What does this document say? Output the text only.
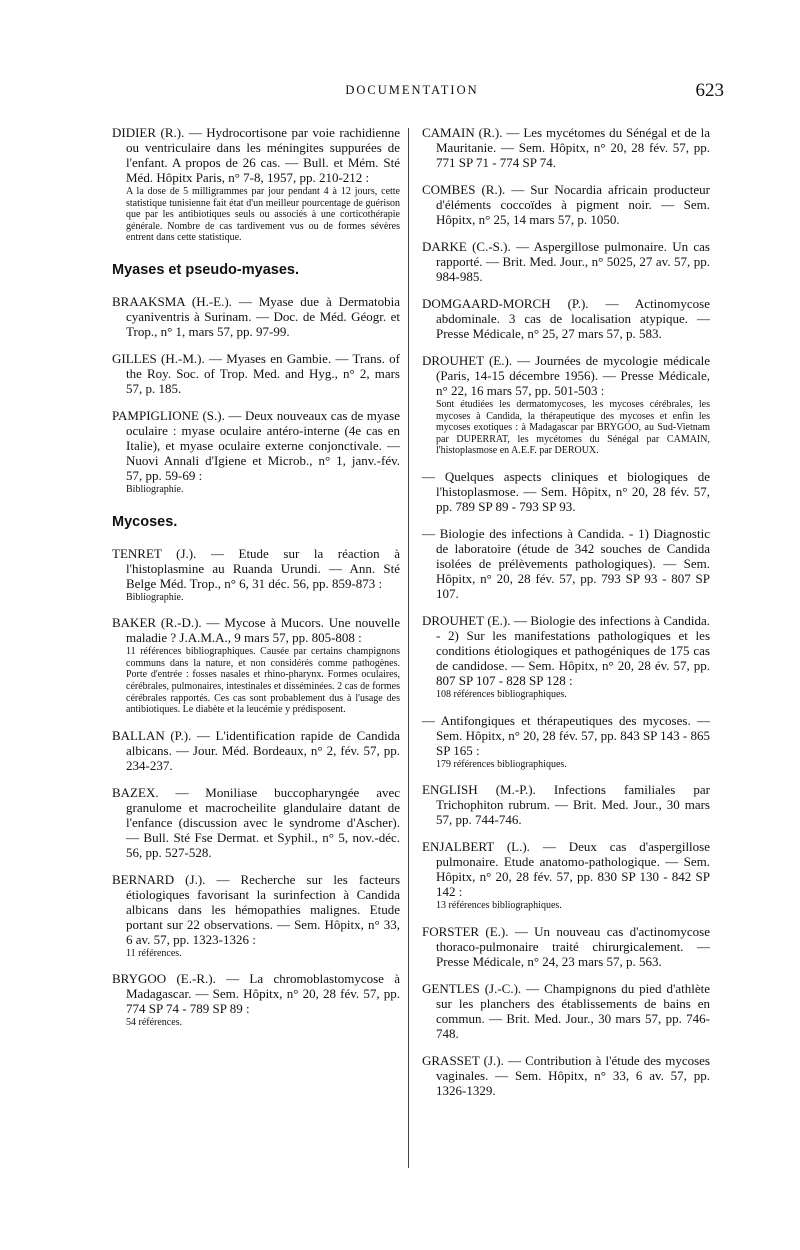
DOCUMENTATION	623

DIDIER (R.). — Hydrocortisone par voie rachidienne ou ventriculaire dans les méningites suppurées de l'enfant. A propos de 26 cas. — Bull. et Mém. Sté Méd. Hôpitx Paris, n° 7-8, 1957, pp. 210-212 :

A la dose de 5 milligrammes par jour pendant 4 à 12 jours, cette statistique tunisienne fait état d'un meilleur pourcentage de guérison que par les antibiotiques seuls ou associés à une corticothérapie générale. Nombre de cas tardivement vus ou de formes sévères entrent dans cette statistique.

Myases et pseudo-myases.

BRAAKSMA (H.-E.). — Myase due à Dermatobia cyaniventris à Surinam. — Doc. de Méd. Géogr. et Trop., n° 1, mars 57, pp. 97-99.

GILLES (H.-M.). — Myases en Gambie. — Trans. of the Roy. Soc. of Trop. Med. and Hyg., n° 2, mars 57, p. 185.

PAMPIGLIONE (S.). — Deux nouveaux cas de myase oculaire : myase oculaire antéro-interne (4e cas en Italie), et myase oculaire externe conjonctivale. — Nuovi Annali d'Igiene et Microb., n° 1, janv.-fév. 57, pp. 59-69 :

Bibliographie.

Mycoses.

TENRET (J.). — Etude sur la réaction à l'histoplasmine au Ruanda Urundi. — Ann. Sté Belge Méd. Trop., n° 6, 31 déc. 56, pp. 859-873 :

Bibliographie.

BAKER (R.-D.). — Mycose à Mucors. Une nouvelle maladie ? J.A.M.A., 9 mars 57, pp. 805-808 :

11 références bibliographiques. Causée par certains champignons communs dans la nature, et non considérés comme pathogènes. Porte d'entrée : fosses nasales et rhino-pharynx. Formes oculaires, cérébrales, pulmonaires, intestinales et disséminées. 2 cas de formes cérébrales rapportés. Ces cas sont probablement dus à l'usage des antibiotiques. Le diabète et la leucémie y prédisposent.

BALLAN (P.). — L'identification rapide de Candida albicans. — Jour. Méd. Bordeaux, n° 2, fév. 57, pp. 234-237.

BAZEX. — Moniliase buccopharyngée avec granulome et macrocheilite glandulaire datant de l'enfance (discussion avec le syndrome d'Ascher). — Bull. Sté Fse Dermat. et Syphil., n° 5, nov.-déc. 56, pp. 527-528.

BERNARD (J.). — Recherche sur les facteurs étiologiques favorisant la surinfection à Candida albicans dans les hémopathies malignes. Etude portant sur 22 observations. — Sem. Hôpitx, n° 33, 6 av. 57, pp. 1323-1326 :

11 références.

BRYGOO (E.-R.). — La chromoblastomycose à Madagascar. — Sem. Hôpitx, n° 20, 28 fév. 57, pp. 774 SP 74 - 789 SP 89 :

54 références.

CAMAIN (R.). — Les mycétomes du Sénégal et de la Mauritanie. — Sem. Hôpitx, n° 20, 28 fév. 57, pp. 771 SP 71 - 774 SP 74.

COMBES (R.). — Sur Nocardia africain producteur d'éléments coccoïdes à pigment noir. — Sem. Hôpitx, n° 25, 14 mars 57, p. 1050.

DARKE (C.-S.). — Aspergillose pulmonaire. Un cas rapporté. — Brit. Med. Jour., n° 5025, 27 av. 57, pp. 984-985.

DOMGAARD-MORCH (P.). — Actinomycose abdominale. 3 cas de localisation atypique. — Presse Médicale, n° 25, 27 mars 57, p. 583.

DROUHET (E.). — Journées de mycologie médicale (Paris, 14-15 décembre 1956). — Presse Médicale, n° 22, 16 mars 57, pp. 501-503 :

Sont étudiées les dermatomycoses, les mycoses cérébrales, les mycoses à Candida, la thérapeutique des mycoses et enfin les mycoses exotiques : à Madagascar par BRYGOO, au Sud-Vietnam par DUPERRAT, les mycétomes du Sénégal par CAMAIN, l'histoplasmose en A.E.F. par DEROUX.

— Quelques aspects cliniques et biologiques de l'histoplasmose. — Sem. Hôpitx, n° 20, 28 fév. 57, pp. 789 SP 89 - 793 SP 93.

— Biologie des infections à Candida. - 1) Diagnostic de laboratoire (étude de 342 souches de Candida isolées de prélèvements pathologiques). — Sem. Hôpitx, n° 20, 28 fév. 57, pp. 793 SP 93 - 807 SP 107.

DROUHET (E.). — Biologie des infections à Candida. - 2) Sur les manifestations pathologiques et les conditions étiologiques et pathogéniques de 175 cas de candidose. — Sem. Hôpitx, n° 20, 28 év. 57, pp. 807 SP 107 - 828 SP 128 :

108 références bibliographiques.

— Antifongiques et thérapeutiques des mycoses. — Sem. Hôpitx, n° 20, 28 fév. 57, pp. 843 SP 143 - 865 SP 165 :

179 références bibliographiques.

ENGLISH (M.-P.). Infections familiales par Trichophiton rubrum. — Brit. Med. Jour., 30 mars 57, pp. 744-746.

ENJALBERT (L.). — Deux cas d'aspergillose pulmonaire. Etude anatomo-pathologique. — Sem. Hôpitx, n° 20, 28 fév. 57, pp. 830 SP 130 - 842 SP 142 :

13 références bibliographiques.

FORSTER (E.). — Un nouveau cas d'actinomycose thoraco-pulmonaire traité chirurgicalement. — Presse Médicale, n° 24, 23 mars 57, p. 563.

GENTLES (J.-C.). — Champignons du pied d'athlète sur les planchers des établissements de bains en commun. — Brit. Med. Jour., 30 mars 57, pp. 746-748.

GRASSET (J.). — Contribution à l'étude des mycoses vaginales. — Sem. Hôpitx, n° 33, 6 av. 57, pp. 1326-1329.
